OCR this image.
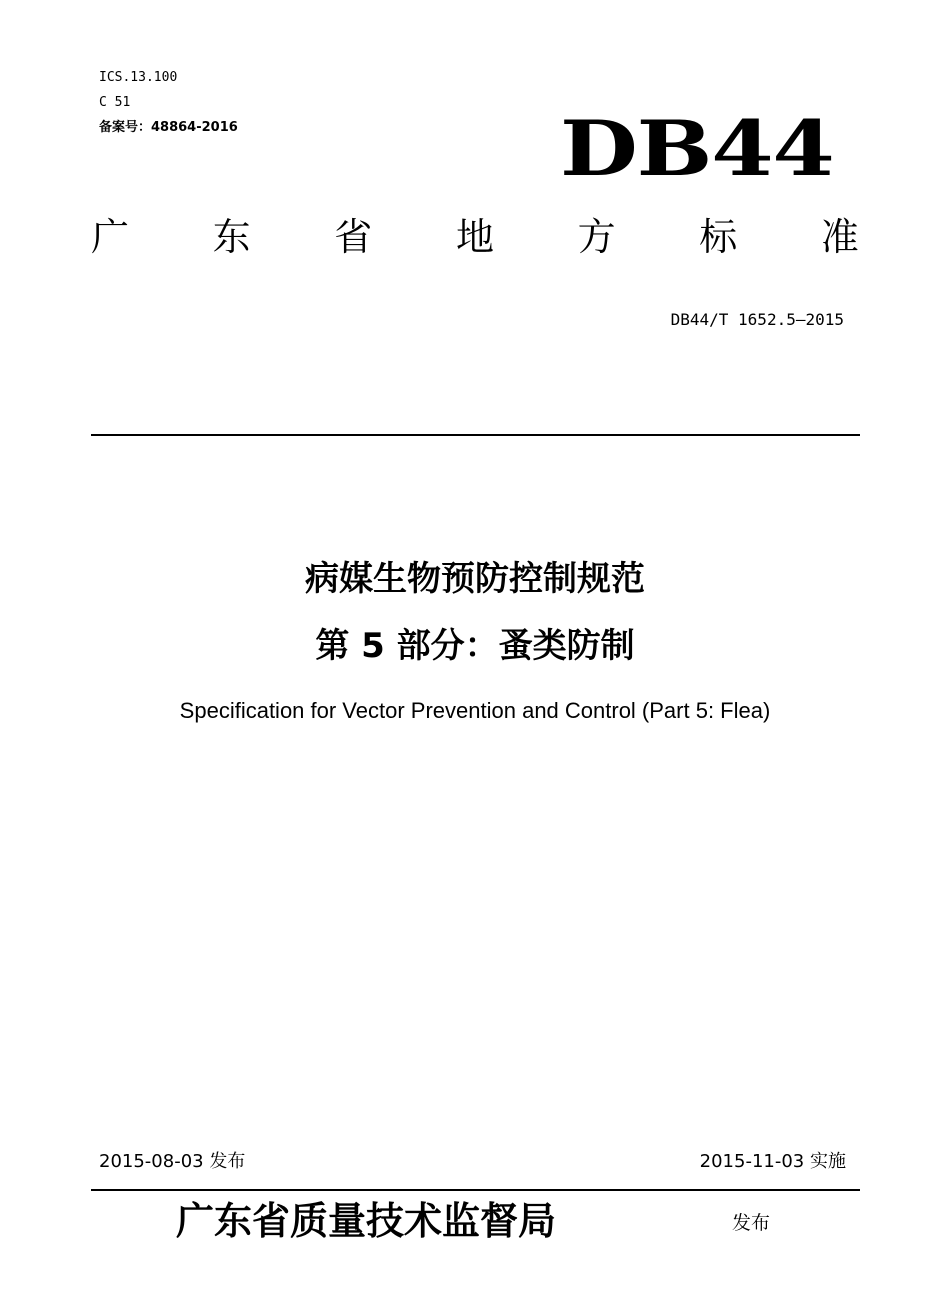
ICS.13.100
C 51
备案号：48864-2016	DB44
广 东 省 地 方 标 准
DB44/T 1652.5—2015
病媒生物预防控制规范
第 5 部分：蚤类防制
Specification for Vector Prevention and Control (Part 5: Flea)
2015-08-03 发布	2015-11-03 实施
广东省质量技术监督局	发布
